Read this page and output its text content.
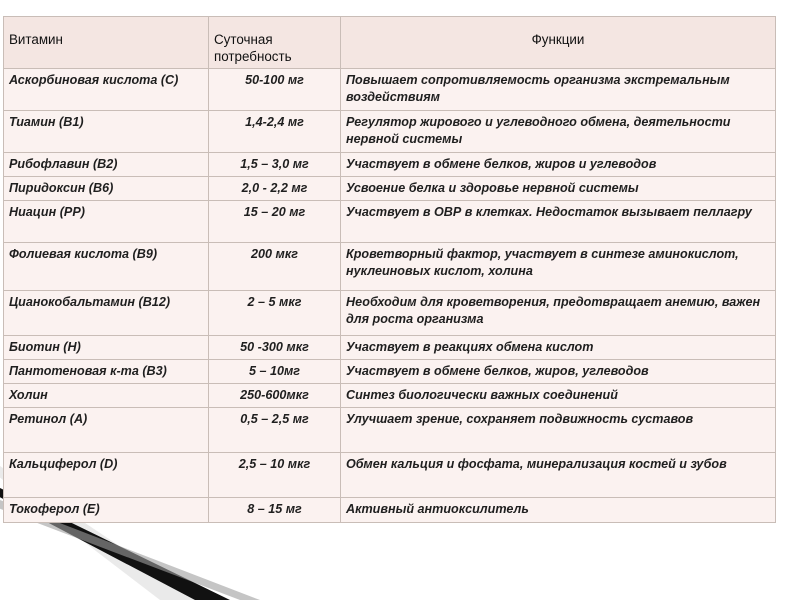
Витамин	Суточная потребность	Функции
Аскорбиновая кислота (С)	50-100 мг	Повышает сопротивляемость организма экстремальным воздействиям
Тиамин (В1)	1,4-2,4 мг	Регулятор жирового и углеводного обмена, деятельности нервной системы
Рибофлавин (В2)	1,5 – 3,0 мг	Участвует в обмене белков, жиров и углеводов
Пиридоксин (В6)	2,0 - 2,2 мг	Усвоение белка и здоровье нервной системы
Ниацин (РР)	15 – 20 мг	Участвует в ОВР в клетках. Недостаток вызывает пеллагру
Фолиевая кислота (В9)	200 мкг	Кроветворный фактор, участвует в синтезе аминокислот, нуклеиновых кислот, холина
Цианокобальтамин (В12)	2 – 5 мкг	Необходим для кроветворения, предотвращает анемию, важен для роста организма
Биотин (Н)	50 -300 мкг	Участвует в реакциях обмена кислот
Пантотеновая к-та (В3)	5 – 10мг	Участвует в обмене белков, жиров, углеводов
Холин	250-600мкг	Синтез биологически важных соединений
Ретинол (А)	0,5 – 2,5 мг	Улучшает зрение, сохраняет подвижность суставов
Кальциферол (D)	2,5 – 10 мкг	Обмен кальция и фосфата, минерализация костей и зубов
Токоферол (Е)	8 – 15 мг	Активный антиоксилитель
